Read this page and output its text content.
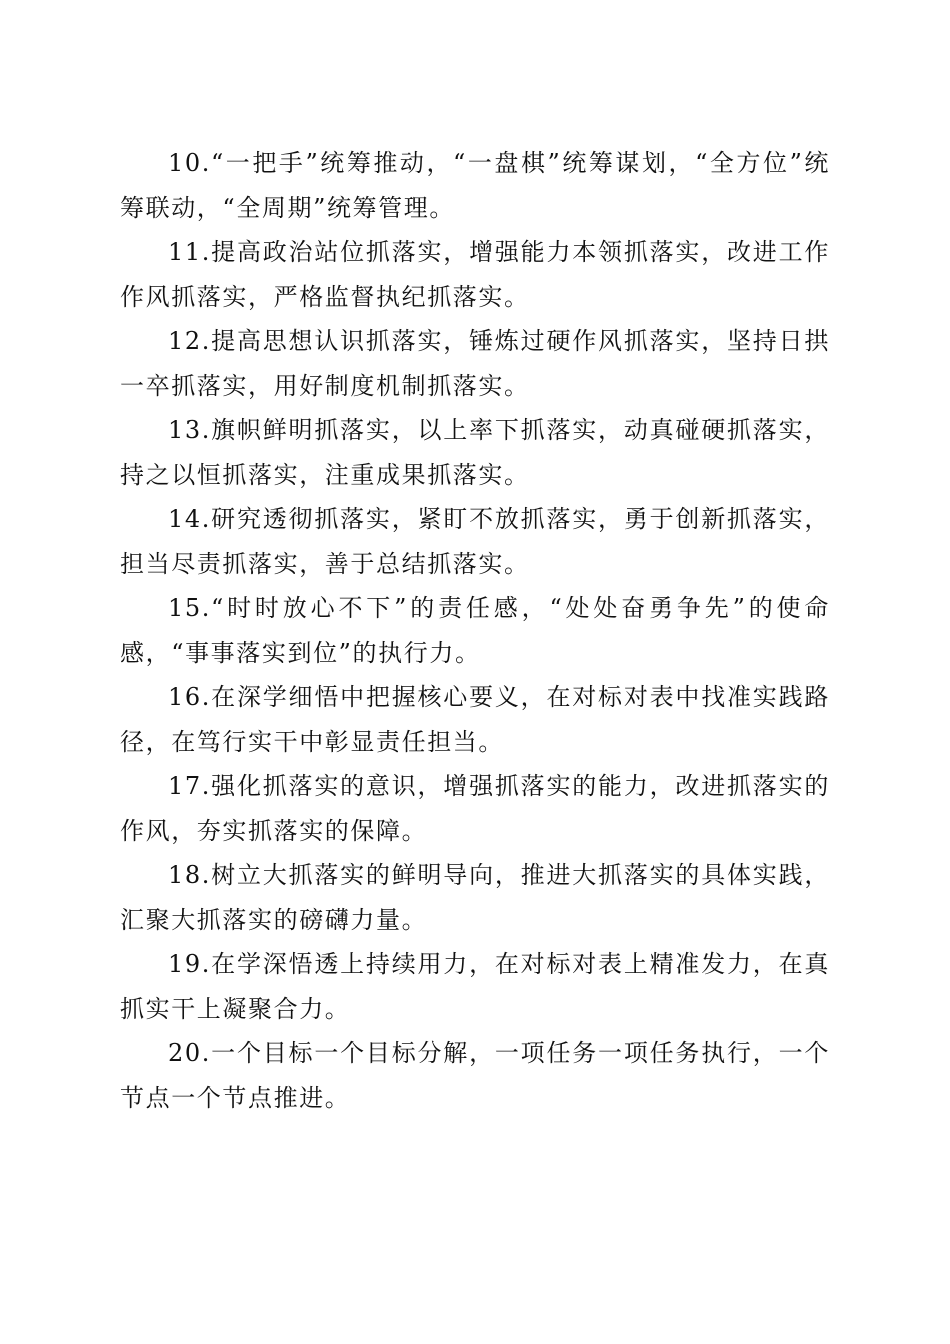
10.“一把手”统筹推动，“一盘棋”统筹谋划，“全方位”统筹联动，“全周期”统筹管理。

11.提高政治站位抓落实，增强能力本领抓落实，改进工作作风抓落实，严格监督执纪抓落实。

12.提高思想认识抓落实，锤炼过硬作风抓落实，坚持日拱一卒抓落实，用好制度机制抓落实。

13.旗帜鲜明抓落实，以上率下抓落实，动真碰硬抓落实，持之以恒抓落实，注重成果抓落实。

14.研究透彻抓落实，紧盯不放抓落实，勇于创新抓落实，担当尽责抓落实，善于总结抓落实。

15.“时时放心不下”的责任感，“处处奋勇争先”的使命感，“事事落实到位”的执行力。

16.在深学细悟中把握核心要义，在对标对表中找准实践路径，在笃行实干中彰显责任担当。

17.强化抓落实的意识，增强抓落实的能力，改进抓落实的作风，夯实抓落实的保障。

18.树立大抓落实的鲜明导向，推进大抓落实的具体实践，汇聚大抓落实的磅礴力量。

19.在学深悟透上持续用力，在对标对表上精准发力，在真抓实干上凝聚合力。

20.一个目标一个目标分解，一项任务一项任务执行，一个节点一个节点推进。
